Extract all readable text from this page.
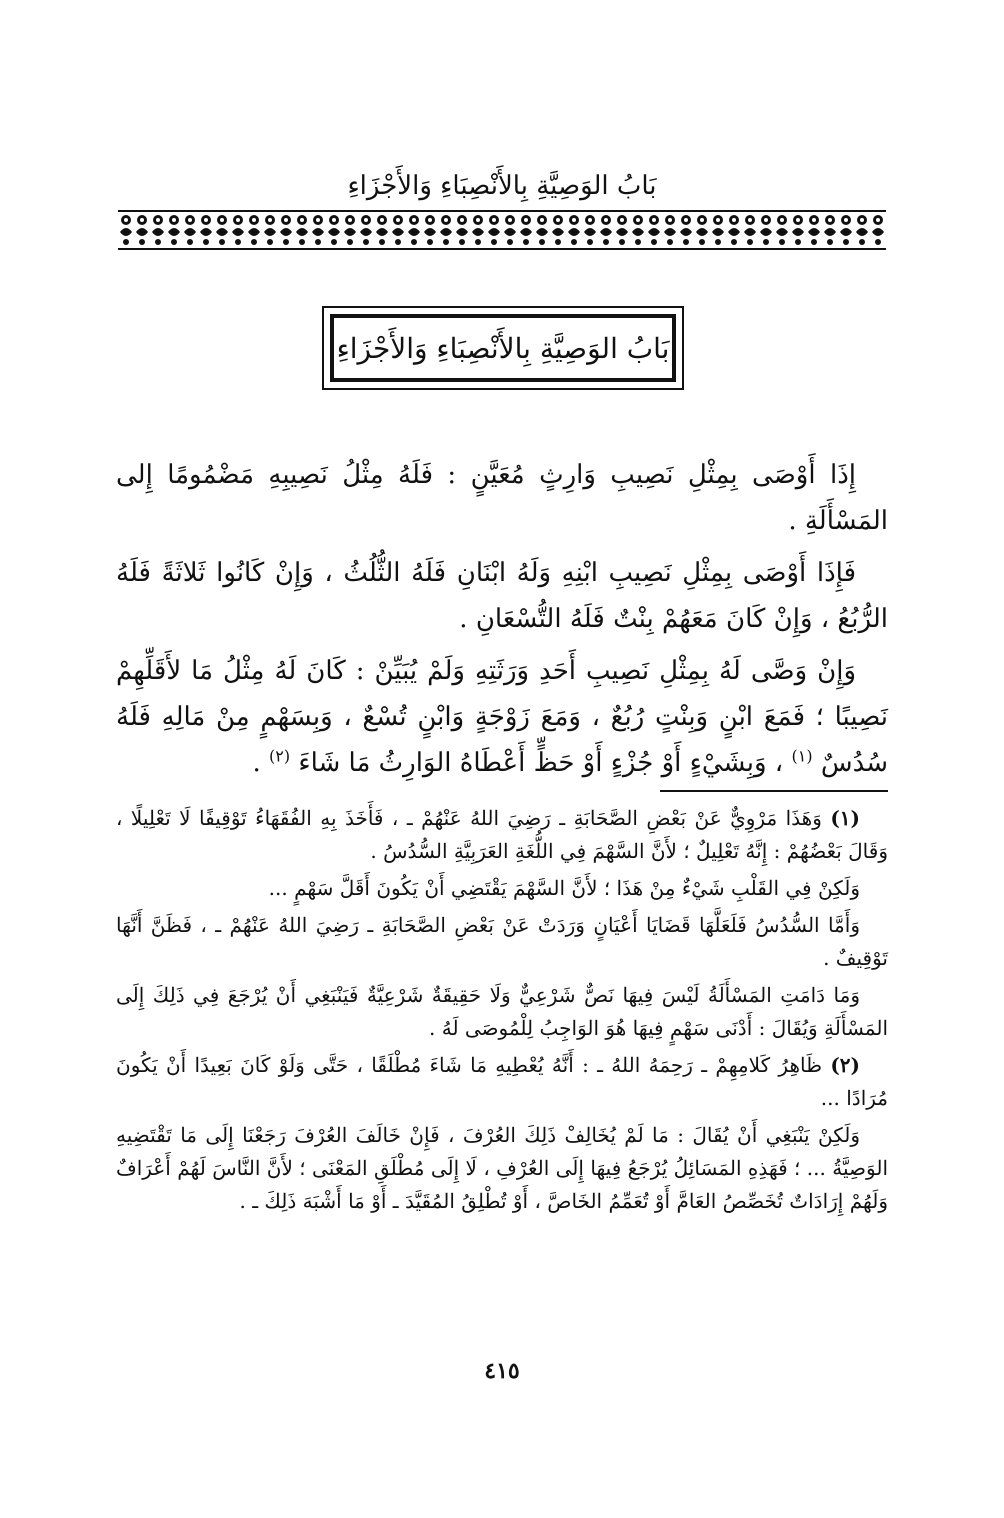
بَابُ الوَصِيَّةِ بِالأَنْصِبَاءِ وَالأَجْزَاءِ
بَابُ الوَصِيَّةِ بِالأَنْصِبَاءِ وَالأَجْزَاءِ

إِذَا أَوْصَى بِمِثْلِ نَصِيبِ وَارِثٍ مُعَيَّنٍ : فَلَهُ مِثْلُ نَصِيبِهِ مَضْمُومًا إِلى المَسْأَلَةِ .

فَإِذَا أَوْصَى بِمِثْلِ نَصِيبِ ابْنِهِ وَلَهُ ابْنَانِ فَلَهُ الثُّلُثُ ، وَإِنْ كَانُوا ثَلاثَةً فَلَهُ الرُّبُعُ ، وَإِنْ كَانَ مَعَهُمْ بِنْتٌ فَلَهُ التُّسْعَانِ .

وَإِنْ وَصَّى لَهُ بِمِثْلِ نَصِيبِ أَحَدِ وَرَثَتِهِ وَلَمْ يُبَيِّنْ : كَانَ لَهُ مِثْلُ مَا لأَقَلِّهِمْ نَصِيبًا ؛ فَمَعَ ابْنٍ وَبِنْتٍ رُبُعٌ ، وَمَعَ زَوْجَةٍ وَابْنٍ تُسْعٌ ، وَبِسَهْمٍ مِنْ مَالِهِ فَلَهُ سُدُسٌ $^{(١)}$ ، وَبِشَيْءٍ أَوْ جُزْءٍ أَوْ حَظٍّ أَعْطَاهُ الوَارِثُ مَا شَاءَ $^{(٢)}$ .

(١) وَهَذَا مَرْوِيٌّ عَنْ بَعْضِ الصَّحَابَةِ ـ رَضِيَ اللهُ عَنْهُمْ ـ ، فَأَخَذَ بِهِ الفُقَهَاءُ تَوْقِيفًا لَا تَعْلِيلًا ، وَقَالَ بَعْضُهُمْ : إِنَّهُ تَعْلِيلٌ ؛ لأَنَّ السَّهْمَ فِي اللُّغَةِ العَرَبِيَّةِ السُّدُسُ .

وَلَكِنْ فِي القَلْبِ شَيْءٌ مِنْ هَذَا ؛ لأَنَّ السَّهْمَ يَقْتَضِي أَنْ يَكُونَ أَقَلَّ سَهْمٍ ...

وَأَمَّا السُّدُسُ فَلَعَلَّهَا قَضَايَا أَعْيَانٍ وَرَدَتْ عَنْ بَعْضِ الصَّحَابَةِ ـ رَضِيَ اللهُ عَنْهُمْ ـ ، فَظَنَّ أَنَّهَا تَوْقِيفٌ .

وَمَا دَامَتِ المَسْأَلَةُ لَيْسَ فِيهَا نَصٌّ شَرْعِيٌّ وَلَا حَقِيقَةٌ شَرْعِيَّةٌ فَيَنْبَغِي أَنْ يُرْجَعَ فِي ذَلِكَ إِلَى المَسْأَلَةِ وَيُقَالَ : أَدْنَى سَهْمٍ فِيهَا هُوَ الوَاجِبُ لِلْمُوصَى لَهُ .

(٢) ظَاهِرُ كَلامِهِمْ ـ رَحِمَهُ اللهُ ـ : أَنَّهُ يُعْطِيهِ مَا شَاءَ مُطْلَقًا ، حَتَّى وَلَوْ كَانَ بَعِيدًا أَنْ يَكُونَ مُرَادًا ...

وَلَكِنْ يَنْبَغِي أَنْ يُقَالَ : مَا لَمْ يُخَالِفْ ذَلِكَ العُرْفَ ، فَإِنْ خَالَفَ العُرْفَ رَجَعْنَا إِلَى مَا تَقْتَضِيهِ الوَصِيَّةُ ... ؛ فَهَذِهِ المَسَائِلُ يُرْجَعُ فِيهَا إِلَى العُرْفِ ، لَا إِلَى مُطْلَقِ المَعْنَى ؛ لأَنَّ النَّاسَ لَهُمْ أَعْرَافٌ وَلَهُمْ إِرَادَاتٌ تُخَصِّصُ العَامَّ أَوْ تُعَمِّمُ الخَاصَّ ، أَوْ تُطْلِقُ المُقَيَّدَ ـ أَوْ مَا أَشْبَهَ ذَلِكَ ـ .

٤١٥
